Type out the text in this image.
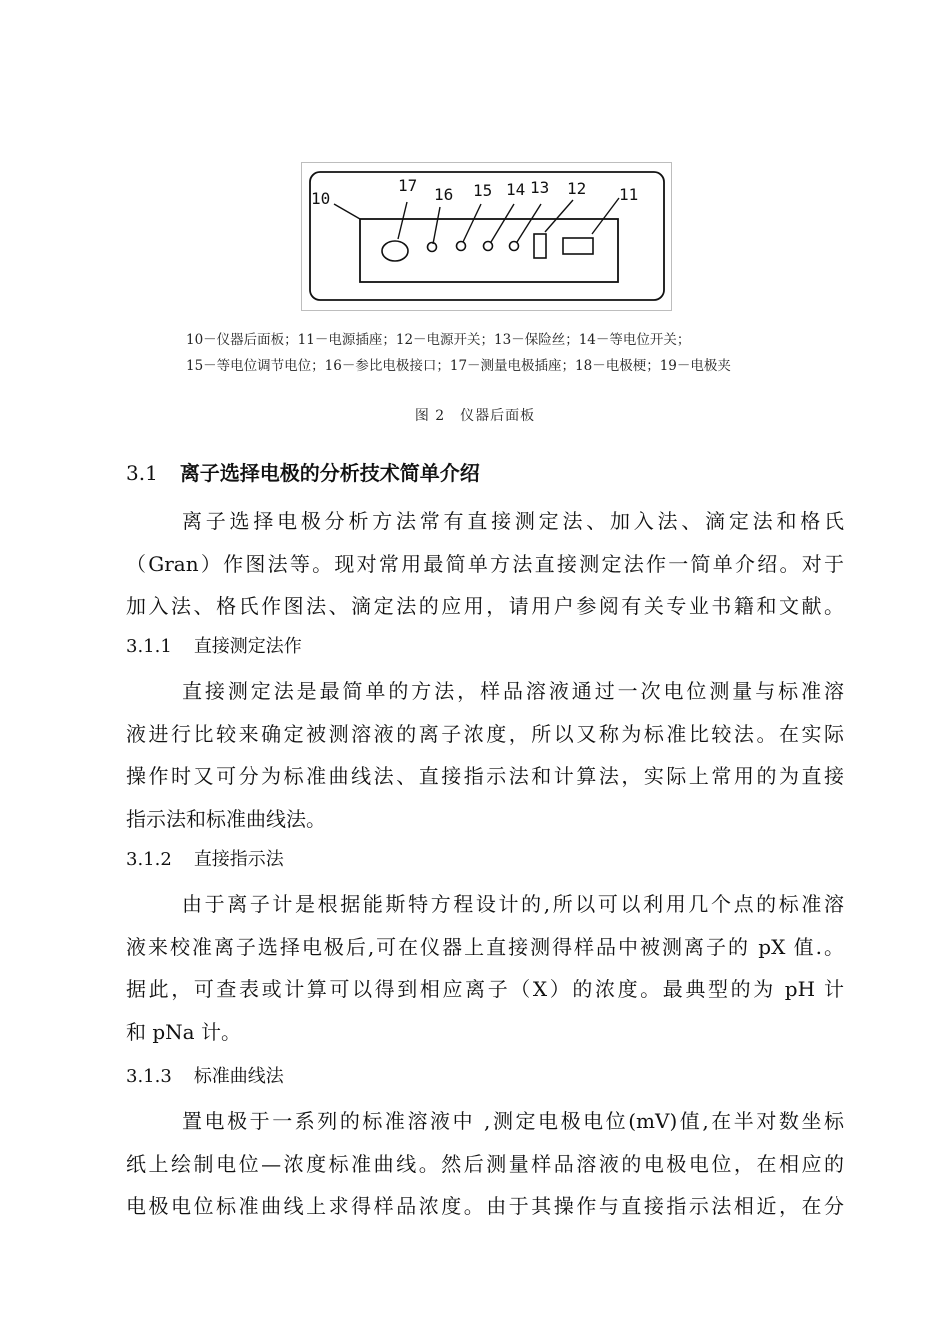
10
17 16 15 14 13 12 11
10－仪器后面板；11－电源插座；12－电源开关；13－保险丝；14－等电位开关；
15－等电位调节电位；16－参比电极接口；17－测量电极插座；18－电极梗；19－电极夹
图 2　仪器后面板
3.1 离子选择电极的分析技术简单介绍
离子选择电极分析方法常有直接测定法、加入法、滴定法和格氏
（Gran）作图法等。现对常用最简单方法直接测定法作一简单介绍。对于
加入法、格氏作图法、滴定法的应用，请用户参阅有关专业书籍和文献。
3.1.1 直接测定法作
直接测定法是最简单的方法，样品溶液通过一次电位测量与标准溶
液进行比较来确定被测溶液的离子浓度，所以又称为标准比较法。在实际
操作时又可分为标准曲线法、直接指示法和计算法，实际上常用的为直接
指示法和标准曲线法。
3.1.2 直接指示法
由于离子计是根据能斯特方程设计的,所以可以利用几个点的标准溶
液来校准离子选择电极后,可在仪器上直接测得样品中被测离子的 pX 值.。
据此，可查表或计算可以得到相应离子（X）的浓度。最典型的为 pH 计
和 pNa 计。
3.1.3 标准曲线法
置电极于一系列的标准溶液中 ,测定电极电位(mV)值,在半对数坐标
纸上绘制电位—浓度标准曲线。然后测量样品溶液的电极电位，在相应的
电极电位标准曲线上求得样品浓度。由于其操作与直接指示法相近，在分
